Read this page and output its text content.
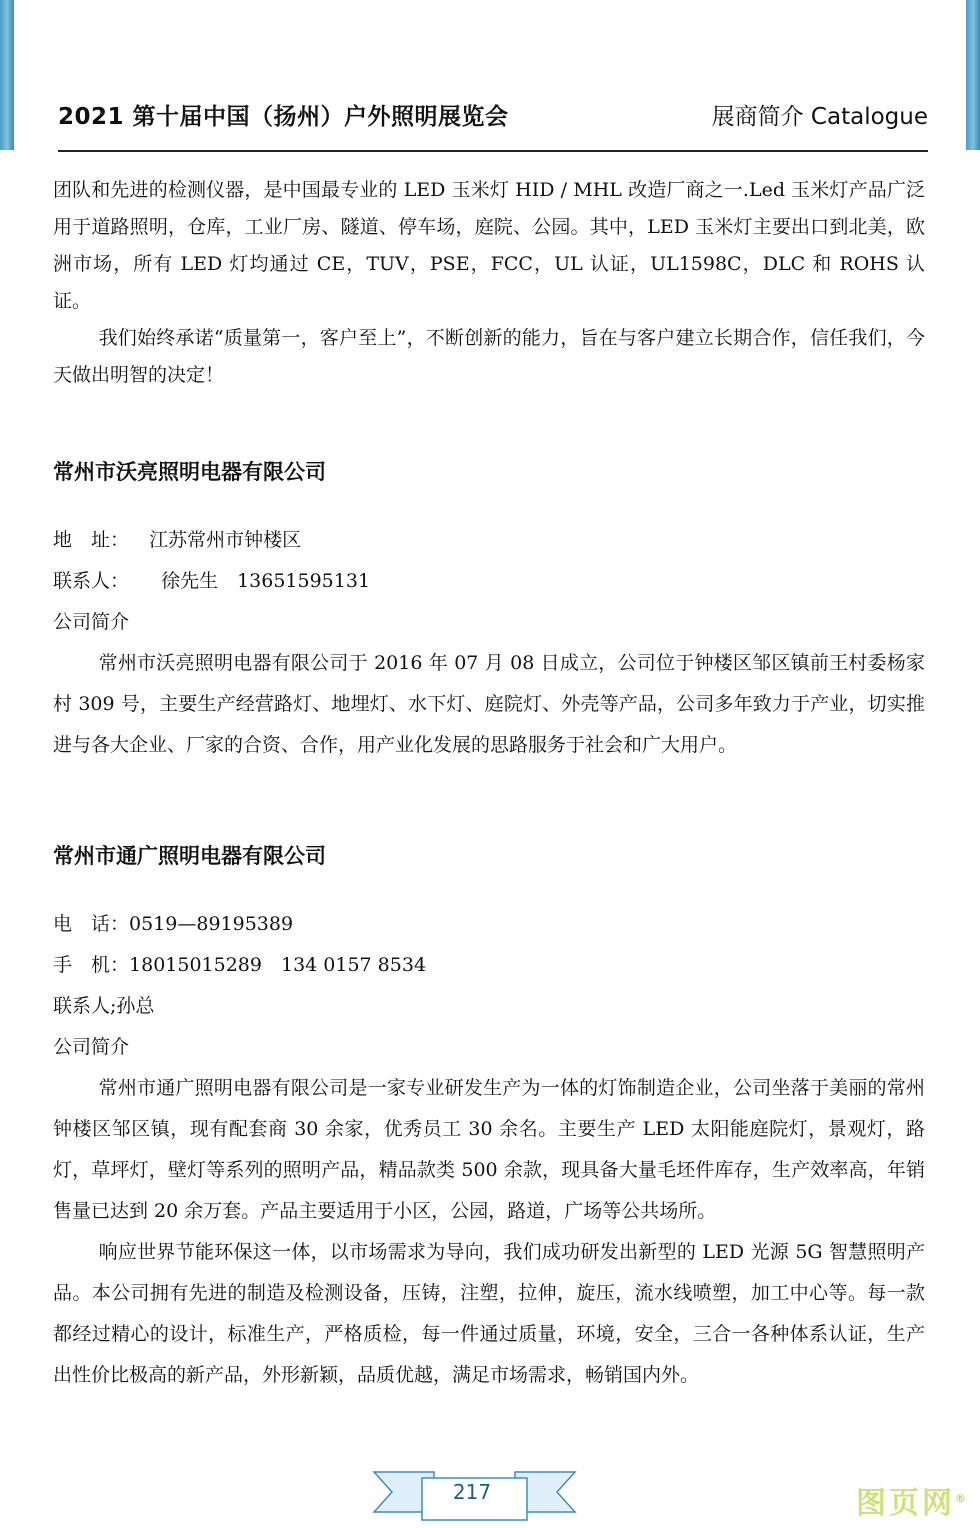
2021 第十届中国（扬州）户外照明展览会	展商简介 Catalogue

团队和先进的检测仪器，是中国最专业的 LED 玉米灯 HID / MHL 改造厂商之一.Led 玉米灯产品广泛用于道路照明，仓库，工业厂房、隧道、停车场，庭院、公园。其中，LED 玉米灯主要出口到北美，欧洲市场，所有 LED 灯均通过 CE，TUV，PSE，FCC，UL 认证，UL1598C，DLC 和 ROHS 认证。

我们始终承诺“质量第一，客户至上”，不断创新的能力，旨在与客户建立长期合作，信任我们，今天做出明智的决定！

常州市沃亮照明电器有限公司
地　址： 江苏常州市钟楼区
联系人： 徐先生　13651595131
公司简介

常州市沃亮照明电器有限公司于 2016 年 07 月 08 日成立，公司位于钟楼区邹区镇前王村委杨家村 309 号，主要生产经营路灯、地埋灯、水下灯、庭院灯、外壳等产品，公司多年致力于产业，切实推进与各大企业、厂家的合资、合作，用产业化发展的思路服务于社会和广大用户。

常州市通广照明电器有限公司
电　话：0519—89195389
手　机：18015015289　134 0157 8534
联系人;孙总
公司简介

常州市通广照明电器有限公司是一家专业研发生产为一体的灯饰制造企业，公司坐落于美丽的常州钟楼区邹区镇，现有配套商 30 余家，优秀员工 30 余名。主要生产 LED 太阳能庭院灯，景观灯，路灯，草坪灯，壁灯等系列的照明产品，精品款类 500 余款，现具备大量毛坯件库存，生产效率高，年销售量已达到 20 余万套。产品主要适用于小区，公园，路道，广场等公共场所。

响应世界节能环保这一体，以市场需求为导向，我们成功研发出新型的 LED 光源 5G 智慧照明产品。本公司拥有先进的制造及检测设备，压铸，注塑，拉伸，旋压，流水线喷塑，加工中心等。每一款都经过精心的设计，标准生产，严格质检，每一件通过质量，环境，安全，三合一各种体系认证，生产出性价比极高的新产品，外形新颖，品质优越，满足市场需求，畅销国内外。

217	图页网®
